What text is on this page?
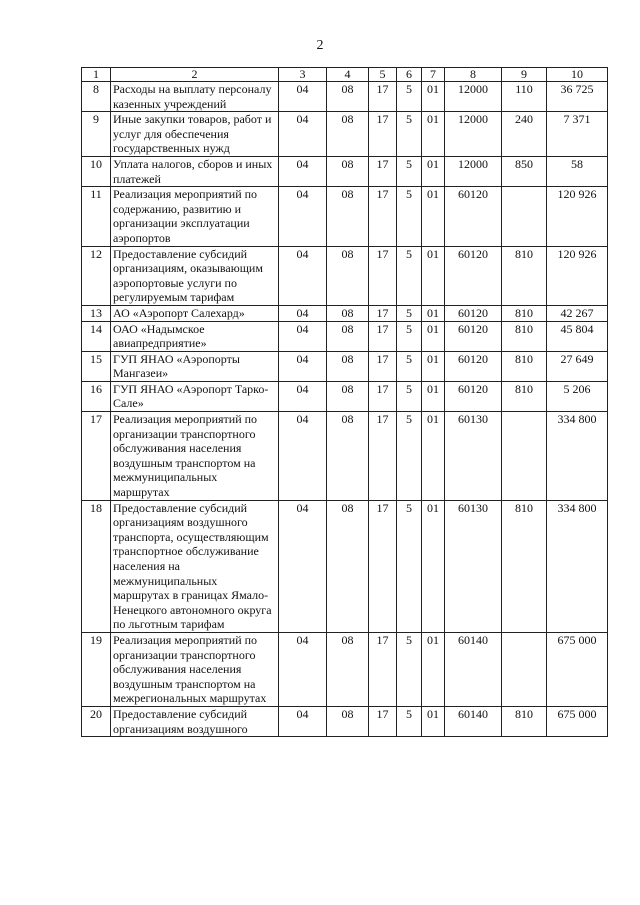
2
1	2	3	4	5	6	7	8	9	10
8	Расходы на выплату персоналу казенных учреждений	04	08	17	5	01	12000	110	36 725
9	Иные закупки товаров, работ и услуг для обеспечения государственных нужд	04	08	17	5	01	12000	240	7 371
10	Уплата налогов, сборов и иных платежей	04	08	17	5	01	12000	850	58
11	Реализация мероприятий по содержанию, развитию и организации эксплуатации аэропортов	04	08	17	5	01	60120		120 926
12	Предоставление субсидий организациям, оказывающим аэропортовые услуги по регулируемым тарифам	04	08	17	5	01	60120	810	120 926
13	АО «Аэропорт Салехард»	04	08	17	5	01	60120	810	42 267
14	ОАО «Надымское авиапредприятие»	04	08	17	5	01	60120	810	45 804
15	ГУП ЯНАО «Аэропорты Мангазеи»	04	08	17	5	01	60120	810	27 649
16	ГУП ЯНАО «Аэропорт Тарко-Сале»	04	08	17	5	01	60120	810	5 206
17	Реализация мероприятий по организации транспортного обслуживания населения воздушным транспортом на межмуниципальных маршрутах	04	08	17	5	01	60130		334 800
18	Предоставление субсидий организациям воздушного транспорта, осуществляющим транспортное обслуживание населения на межмуниципальных маршрутах в границах Ямало-Ненецкого автономного округа по льготным тарифам	04	08	17	5	01	60130	810	334 800
19	Реализация мероприятий по организации транспортного обслуживания населения воздушным транспортом на межрегиональных маршрутах	04	08	17	5	01	60140		675 000
20	Предоставление субсидий организациям воздушного	04	08	17	5	01	60140	810	675 000
